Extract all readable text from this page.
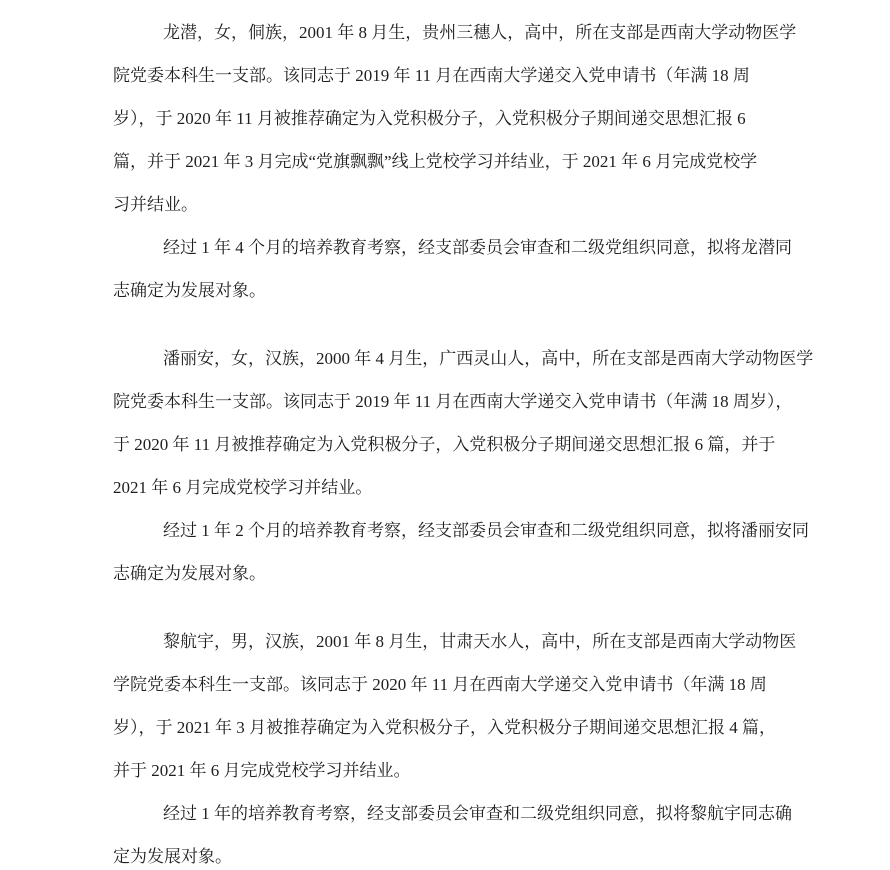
龙潜，女，侗族，2001 年 8 月生，贵州三穗人，高中，所在支部是西南大学动物医学
院党委本科生一支部。该同志于 2019 年 11 月在西南大学递交入党申请书（年满 18 周
岁），于 2020 年 11 月被推荐确定为入党积极分子，入党积极分子期间递交思想汇报 6
篇，并于 2021 年 3 月完成“党旗飘飘”线上党校学习并结业，于 2021 年 6 月完成党校学
习并结业。
经过 1 年 4 个月的培养教育考察，经支部委员会审查和二级党组织同意，拟将龙潜同
志确定为发展对象。
潘丽安，女，汉族，2000 年 4 月生，广西灵山人，高中，所在支部是西南大学动物医学
院党委本科生一支部。该同志于 2019 年 11 月在西南大学递交入党申请书（年满 18 周岁），
于 2020 年 11 月被推荐确定为入党积极分子，入党积极分子期间递交思想汇报 6 篇，并于
2021 年 6 月完成党校学习并结业。
经过 1 年 2 个月的培养教育考察，经支部委员会审查和二级党组织同意，拟将潘丽安同
志确定为发展对象。
黎航宇，男，汉族，2001 年 8 月生，甘肃天水人，高中，所在支部是西南大学动物医
学院党委本科生一支部。该同志于 2020 年 11 月在西南大学递交入党申请书（年满 18 周
岁），于 2021 年 3 月被推荐确定为入党积极分子，入党积极分子期间递交思想汇报 4 篇，
并于 2021 年 6 月完成党校学习并结业。
经过 1 年的培养教育考察，经支部委员会审查和二级党组织同意，拟将黎航宇同志确
定为发展对象。
